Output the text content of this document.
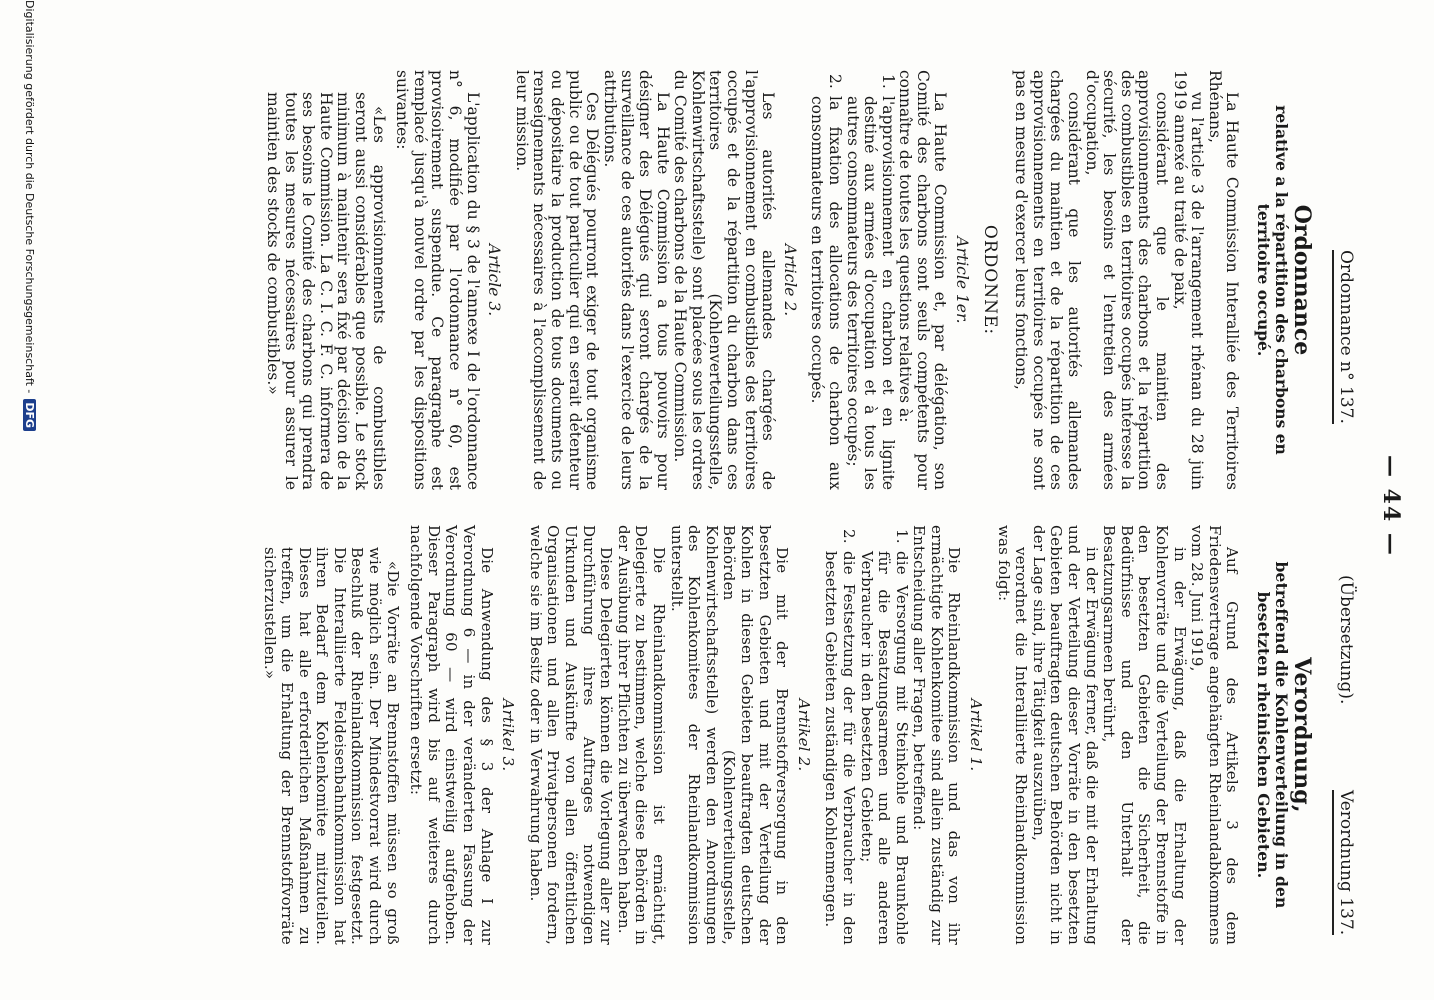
— 44 —
Ordonnance n° 137.
(Übersetzung).
Verordnung 137.
Ordonnance
relative a la répartition des charbons en territoire occupé.

La Haute Commission Interalliée des Territoires Rhénans,

vu l'article 3 de l'arrangement rhénan du 28 juin 1919 annexé au traité de paix,

considérant que le maintien des approvisionnements des charbons et la répartition des combustibles en territoires occupés intéresse la sécurité, les besoins et l'entretien des armées d'occupation,

considérant que les autorités allemandes chargées du maintien et de la répartition de ces approvisionnements en territoires occupés ne sont pas en mesure d'exercer leurs fonctions,

ORDONNE:
Article 1er.

La Haute Commission et, par délégation, son Comité des charbons sont seuls compétents pour connaître de toutes les questions relatives à:

1.
l'approvisionnement en charbon et en lignite destiné aux armées d'occupation et à tous les autres consommateurs des territoires occupés;

2.
la fixation des allocations de charbon aux consommateurs en territoires occupés.

Article 2.

Les autorités allemandes chargées de l'approvisionnement en combustibles des territoires occupés et de la répartition du charbon dans ces territoires (Kohlenverteilungsstelle, Kohlenwirtschaftsstelle) sont placées sous les ordres du Comité des charbons de la Haute Commission.

La Haute Commission a tous pouvoirs pour désigner des Délégués qui seront chargés de la surveillance de ces autorités dans l'exercice de leurs attributions.

Ces Délégués pourront exiger de tout organisme public ou de tout particulier qui en serait détenteur ou dépositaire la production de tous documents ou renseignements nécessaires à l'accomplissement de leur mission.

Article 3.

L'application du § 3 de l'annexe I de l'ordonnance n° 6, modifiée par l'ordonnance n° 60, est provisoirement suspendue. Ce paragraphe est remplacé jusqu'à nouvel ordre par les dispositions suivantes:

«Les approvisionnements de combustibles seront aussi considérables que possible. Le stock minimum à maintenir sera fixé par décision de la Haute Commission. La C. I. C. F. C. informera de ses besoins le Comité des charbons qui prendra toutes les mesures nécessaires pour assurer le maintien des stocks de combustibles.»

Verordnung,
betreffend die Kohlenverteilung in den besetzten rheinischen Gebieten.

Auf Grund des Artikels 3 des dem Friedensvertrage angehängten Rheinlandabkommens vom 28. Juni 1919,

in der Erwägung, daß die Erhaltung der Kohlenvorräte und die Verteilung der Brennstoffe in den besetzten Gebieten die Sicherheit, die Bedürfnisse und den Unterhalt der Besatzungsarmeen berührt,

in der Erwägung ferner, daß die mit der Erhaltung und der Verteilung dieser Vorräte in den besetzten Gebieten beauftragten deutschen Behörden nicht in der Lage sind, ihre Tätigkeit auszuüben,

verordnet die Interalliierte Rheinlandkommission was folgt:

Artikel 1.

Die Rheinlandkommission und das von ihr ermächtigte Kohlenkomitee sind allein zuständig zur Entscheidung aller Fragen, betreffend:

1.
die Versorgung mit Steinkohle und Braunkohle für die Besatzungsarmeen und alle anderen Verbraucher in den besetzten Gebieten;

2.
die Festsetzung der für die Verbraucher in den besetzten Gebieten zuständigen Kohlenmengen.

Artikel 2.

Die mit der Brennstoffversorgung in den besetzten Gebieten und mit der Verteilung der Kohlen in diesen Gebieten beauftragten deutschen Behörden (Kohlenverteilungsstelle, Kohlenwirtschaftsstelle) werden den Anordnungen des Kohlenkomitees der Rheinlandkommission unterstellt.

Die Rheinlandkommission ist ermächtigt, Delegierte zu bestimmen, welche diese Behörden in der Ausübung ihrer Pflichten zu überwachen haben.

Diese Delegierten können die Vorlegung aller zur Durchführung ihres Auftrages notwendigen Urkunden und Auskünfte von allen öffentlichen Organisationen und allen Privatpersonen fordern, welche sie im Besitz oder in Verwahrung haben.

Artikel 3.

Die Anwendung des § 3 der Anlage I zur Verordnung 6 — in der veränderten Fassung der Verordnung 60 — wird einstweilig aufgehoben. Dieser Paragraph wird bis auf weiteres durch nachfolgende Vorschriften ersetzt:

«Die Vorräte an Brennstoffen müssen so groß wie möglich sein. Der Mindestvorrat wird durch Beschluß der Rheinlandkommission festgesetzt. Die Interalliierte Feldeisenbahnkommission hat ihren Bedarf dem Kohlenkomitee mitzuteilen. Dieses hat alle erforderlichen Maßnahmen zu treffen, um die Erhaltung der Brennstoffvorräte sicherzustellen.»

Digitalisierung gefördert durch die Deutsche Forschungsgemeinschaft -DFG
